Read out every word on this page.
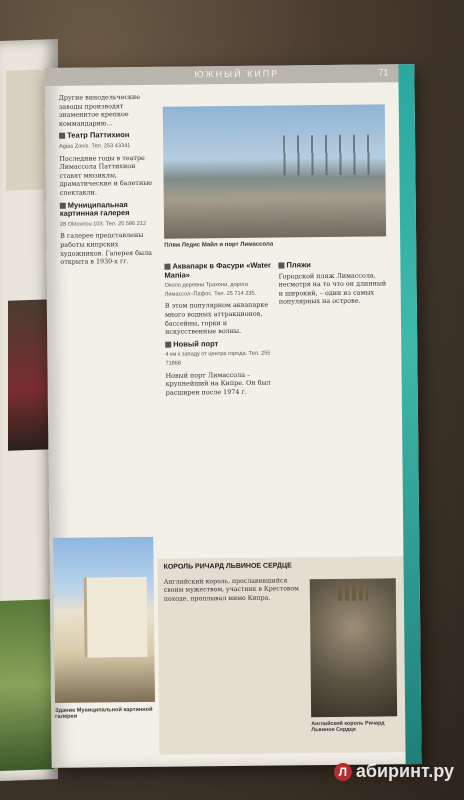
ЮЖНЫЙ КИПР	71

Другие винодельческие заводы производят знаменитое крепкое коммандарию...

Театр Паттихион
Agias Zonis. Тел. 253 43341

Последние годы в театре Лимассола Паттихион ставят мюзиклы, драматические и балетные спектакли.

Муниципальная картинная галерея
28 Oktovriou 103. Тел. 25 586 212

В галерее представлены работы кипрских художников. Галерея была открыта в 1930-х гг.

Пляж Ледис Майл и порт Лимассола
Аквапарк в Фасури «Water Mania»
Около деревни Трахони, дорога Лимассол–Пафос. Тел. 25 714 235.

В этом популярном аквапарке много водных аттракционов, бассейны, горки и искусственные волны.

Новый порт
4 км к западу от центра города. Тел. 255 71868

Новый порт Лимассола – крупнейший на Кипре. Он был расширен после 1974 г.

Пляжи

Городской пляж Лимассола, несмотря на то что он длинный и широкий, – один из самых популярных на острове.

Здание Муниципальной картинной галереи
КОРОЛЬ РИЧАРД ЛЬВИНОЕ СЕРДЦЕ
Английский король, прославившийся своим мужеством, участник в Крестовом походе, проплывал мимо Кипра.
Английский король Ричард Львиное Сердце
Л абиринт.ру
